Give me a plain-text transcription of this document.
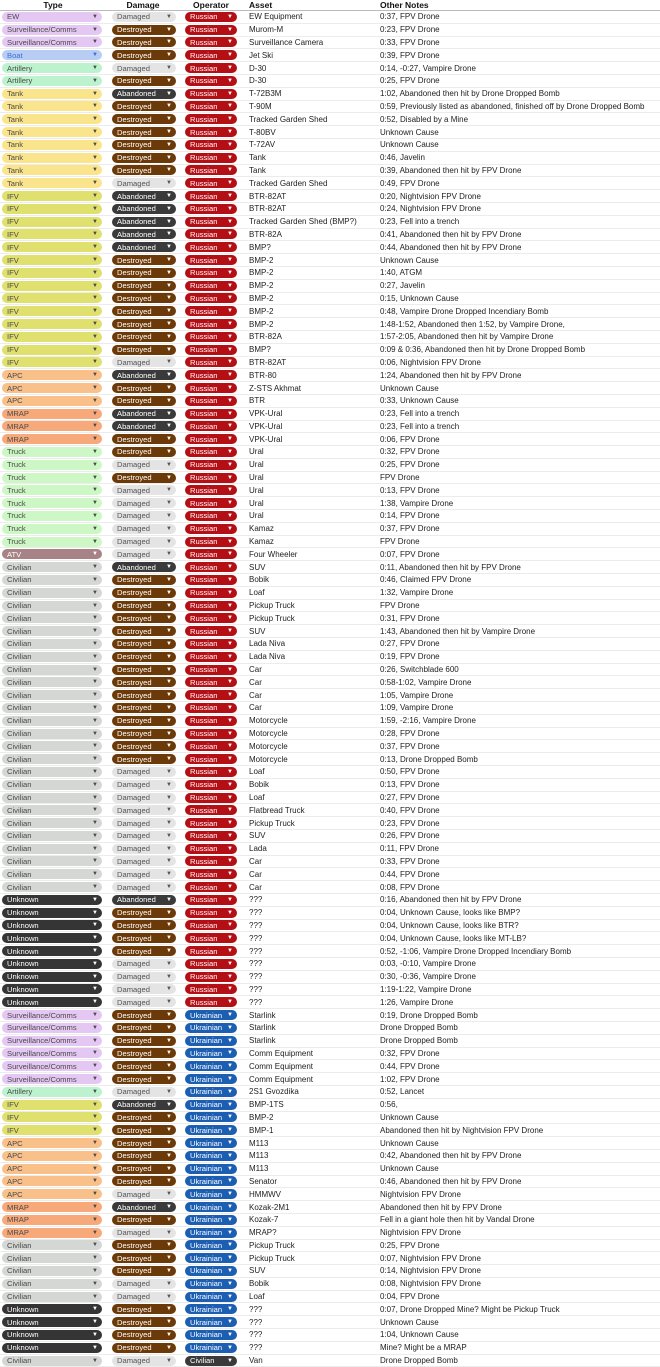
Type	Damage	Operator	Asset	Other Notes
EW	▼	Damaged	▼ Russian ▼	EW Equipment	0:37, FPV Drone
Surveillance/Comms	▼	Destroyed ▼ Russian ▼	Murom-M	0:23, FPV Drone
Surveillance/Comms	▼	Destroyed ▼ Russian ▼	Surveillance Camera	0:33, FPV Drone
Boat	▼	Destroyed ▼ Russian ▼	Jet Ski	0:39, FPV Drone
Artillery	▼	Damaged	▼ Russian ▼	D-30	0:14, -0:27, Vampire Drone
Artillery	▼	Destroyed ▼ Russian ▼	D-30	0:25, FPV Drone
Tank	▼	Abandoned ▼ Russian ▼	T-72B3M	1:02, Abandoned then hit by Drone Dropped Bomb
Tank	▼	Destroyed ▼ Russian ▼	T-90M	0:59, Previously listed as abandoned, finished off by Drone Dropped Bomb
Tank	▼	Destroyed ▼ Russian ▼	Tracked Garden Shed	0:52, Disabled by a Mine
Tank	▼	Destroyed ▼ Russian ▼	T-80BV	Unknown Cause
Tank	▼	Destroyed ▼ Russian ▼	T-72AV	Unknown Cause
Tank	▼	Destroyed ▼ Russian ▼	Tank	0:46, Javelin
Tank	▼	Destroyed ▼ Russian ▼	Tank	0:39, Abandoned then hit by FPV Drone
Tank	▼	Damaged	▼ Russian ▼	Tracked Garden Shed	0:49, FPV Drone
IFV	▼	Abandoned ▼ Russian ▼	BTR-82AT	0:20, Nightvision FPV Drone
IFV	▼	Abandoned ▼ Russian ▼	BTR-82AT	0:24, Nightvision FPV Drone
IFV	▼	Abandoned ▼ Russian ▼	Tracked Garden Shed (BMP?)	0:23, Fell into a trench
IFV	▼	Abandoned ▼ Russian ▼	BTR-82A	0:41, Abandoned then hit by FPV Drone
IFV	▼	Abandoned ▼ Russian ▼	BMP?	0:44, Abandoned then hit by FPV Drone
IFV	▼	Destroyed ▼ Russian ▼	BMP-2	Unknown Cause
IFV	▼	Destroyed ▼ Russian ▼	BMP-2	1:40, ATGM
IFV	▼	Destroyed ▼ Russian ▼	BMP-2	0:27, Javelin
IFV	▼	Destroyed ▼ Russian ▼	BMP-2	0:15, Unknown Cause
IFV	▼	Destroyed ▼ Russian ▼	BMP-2	0:48, Vampire Drone Dropped Incendiary Bomb
IFV	▼	Destroyed ▼ Russian ▼	BMP-2	1:48-1:52, Abandoned then 1:52, by Vampire Drone,
IFV	▼	Destroyed ▼ Russian ▼	BTR-82A	1:57-2:05, Abandoned then hit by Vampire Drone
IFV	▼	Destroyed ▼ Russian ▼	BMP?	0:09 & 0:36, Abandoned then hit by Drone Dropped Bomb
IFV	▼	Damaged	▼ Russian ▼	BTR-82AT	0:06, Nightvision FPV Drone
APC	▼	Abandoned ▼ Russian ▼	BTR-80	1:24, Abandoned then hit by FPV Drone
APC	▼	Destroyed ▼ Russian ▼	Z-STS Akhmat	Unknown Cause
APC	▼	Destroyed ▼ Russian ▼	BTR	0:33, Unknown Cause
MRAP	▼	Abandoned ▼ Russian ▼	VPK-Ural	0:23, Fell into a trench
MRAP	▼	Abandoned ▼ Russian ▼	VPK-Ural	0:23, Fell into a trench
MRAP	▼	Destroyed ▼ Russian ▼	VPK-Ural	0:06, FPV Drone
Truck	▼	Destroyed ▼ Russian ▼	Ural	0:32, FPV Drone
Truck	▼	Damaged	▼ Russian ▼	Ural	0:25, FPV Drone
Truck	▼	Destroyed ▼ Russian ▼	Ural	FPV Drone
Truck	▼	Damaged	▼ Russian ▼	Ural	0:13, FPV Drone
Truck	▼	Damaged	▼ Russian ▼	Ural	1:38, Vampire Drone
Truck	▼	Damaged	▼ Russian ▼	Ural	0:14, FPV Drone
Truck	▼	Damaged	▼ Russian ▼	Kamaz	0:37, FPV Drone
Truck	▼	Damaged	▼ Russian ▼	Kamaz	FPV Drone
ATV	▼	Damaged	▼ Russian ▼	Four Wheeler	0:07, FPV Drone
Civilian	▼	Abandoned ▼ Russian ▼	SUV	0:11, Abandoned then hit by FPV Drone
Civilian	▼	Destroyed ▼ Russian ▼	Bobik	0:46, Claimed FPV Drone
Civilian	▼	Destroyed ▼ Russian ▼	Loaf	1:32, Vampire Drone
Civilian	▼	Destroyed ▼ Russian ▼	Pickup Truck	FPV Drone
Civilian	▼	Destroyed ▼ Russian ▼	Pickup Truck	0:31, FPV Drone
Civilian	▼	Destroyed ▼ Russian ▼	SUV	1:43, Abandoned then hit by Vampire Drone
Civilian	▼	Destroyed ▼ Russian ▼	Lada Niva	0:27, FPV Drone
Civilian	▼	Destroyed ▼ Russian ▼	Lada Niva	0:19, FPV Drone
Civilian	▼	Destroyed ▼ Russian ▼	Car	0:26, Switchblade 600
Civilian	▼	Destroyed ▼ Russian ▼	Car	0:58-1:02, Vampire Drone
Civilian	▼	Destroyed ▼ Russian ▼	Car	1:05, Vampire Drone
Civilian	▼	Destroyed ▼ Russian ▼	Car	1:09, Vampire Drone
Civilian	▼	Destroyed ▼ Russian ▼	Motorcycle	1:59, -2:16, Vampire Drone
Civilian	▼	Destroyed ▼ Russian ▼	Motorcycle	0:28, FPV Drone
Civilian	▼	Destroyed ▼ Russian ▼	Motorcycle	0:37, FPV Drone
Civilian	▼	Destroyed ▼ Russian ▼	Motorcycle	0:13, Drone Dropped Bomb
Civilian	▼	Damaged	▼ Russian ▼	Loaf	0:50, FPV Drone
Civilian	▼	Damaged	▼ Russian ▼	Bobik	0:13, FPV Drone
Civilian	▼	Damaged	▼ Russian ▼	Loaf	0:27, FPV Drone
Civilian	▼	Damaged	▼ Russian ▼	Flatbread Truck	0:40, FPV Drone
Civilian	▼	Damaged	▼ Russian ▼	Pickup Truck	0:23, FPV Drone
Civilian	▼	Damaged	▼ Russian ▼	SUV	0:26, FPV Drone
Civilian	▼	Damaged	▼ Russian ▼	Lada	0:11, FPV Drone
Civilian	▼	Damaged	▼ Russian ▼	Car	0:33, FPV Drone
Civilian	▼	Damaged	▼ Russian ▼	Car	0:44, FPV Drone
Civilian	▼	Damaged	▼ Russian ▼	Car	0:08, FPV Drone
Unknown	▼	Abandoned ▼ Russian ▼	???	0:16, Abandoned then hit by FPV Drone
Unknown	▼	Destroyed ▼ Russian ▼	???	0:04, Unknown Cause, looks like BMP?
Unknown	▼	Destroyed ▼ Russian ▼	???	0:04, Unknown Cause, looks like BTR?
Unknown	▼	Destroyed ▼ Russian ▼	???	0:04, Unknown Cause, looks like MT-LB?
Unknown	▼	Destroyed ▼ Russian ▼	???	0:52, -1:06, Vampire Drone Dropped Incendiary Bomb
Unknown	▼	Damaged	▼ Russian ▼	???	0:03, -0:10, Vampire Drone
Unknown	▼	Damaged	▼ Russian ▼	???	0:30, -0:36, Vampire Drone
Unknown	▼	Damaged	▼ Russian ▼	???	1:19-1:22, Vampire Drone
Unknown	▼	Damaged	▼ Russian ▼	???	1:26, Vampire Drone
Surveillance/Comms	▼	Destroyed ▼ Ukrainian ▼	Starlink	0:19, Drone Dropped Bomb
Surveillance/Comms	▼	Destroyed ▼ Ukrainian ▼	Starlink	Drone Dropped Bomb
Surveillance/Comms	▼	Destroyed ▼ Ukrainian ▼	Starlink	Drone Dropped Bomb
Surveillance/Comms	▼	Destroyed ▼ Ukrainian ▼	Comm Equipment	0:32, FPV Drone
Surveillance/Comms	▼	Destroyed ▼ Ukrainian ▼	Comm Equipment	0:44, FPV Drone
Surveillance/Comms	▼	Destroyed ▼ Ukrainian ▼	Comm Equipment	1:02, FPV Drone
Artillery	▼	Damaged	▼ Ukrainian ▼	2S1 Gvozdika	0:52, Lancet
IFV	▼	Abandoned ▼ Ukrainian ▼	BMP-1TS	0:56,
IFV	▼	Destroyed ▼ Ukrainian ▼	BMP-2	Unknown Cause
IFV	▼	Destroyed ▼ Ukrainian ▼	BMP-1	Abandoned then hit by Nightvision FPV Drone
APC	▼	Destroyed ▼ Ukrainian ▼	M113	Unknown Cause
APC	▼	Destroyed ▼ Ukrainian ▼	M113	0:42, Abandoned then hit by FPV Drone
APC	▼	Destroyed ▼ Ukrainian ▼	M113	Unknown Cause
APC	▼	Destroyed ▼ Ukrainian ▼	Senator	0:46, Abandoned then hit by FPV Drone
APC	▼	Damaged	▼ Ukrainian ▼	HMMWV	Nightvision FPV Drone
MRAP	▼	Abandoned ▼ Ukrainian ▼	Kozak-2M1	Abandoned then hit by FPV Drone
MRAP	▼	Destroyed ▼ Ukrainian ▼	Kozak-7	Fell in a giant hole then hit by Vandal Drone
MRAP	▼	Damaged	▼ Ukrainian ▼	MRAP?	Nightvision FPV Drone
Civilian	▼	Destroyed ▼ Ukrainian ▼	Pickup Truck	0:25, FPV Drone
Civilian	▼	Destroyed ▼ Ukrainian ▼	Pickup Truck	0:07, Nightvision FPV Drone
Civilian	▼	Destroyed ▼ Ukrainian ▼	SUV	0:14, Nightvision FPV Drone
Civilian	▼	Damaged	▼ Ukrainian ▼	Bobik	0:08, Nightvision FPV Drone
Civilian	▼	Damaged	▼ Ukrainian ▼	Loaf	0:04, FPV Drone
Unknown	▼	Destroyed ▼ Ukrainian ▼	???	0:07, Drone Dropped Mine? Might be Pickup Truck
Unknown	▼	Destroyed ▼ Ukrainian ▼	???	Unknown Cause
Unknown	▼	Destroyed ▼ Ukrainian ▼	???	1:04, Unknown Cause
Unknown	▼	Destroyed ▼ Ukrainian ▼	???	Mine? Might be a MRAP
Civilian	▼	Damaged	▼ Civilian ▼	Van	Drone Dropped Bomb
